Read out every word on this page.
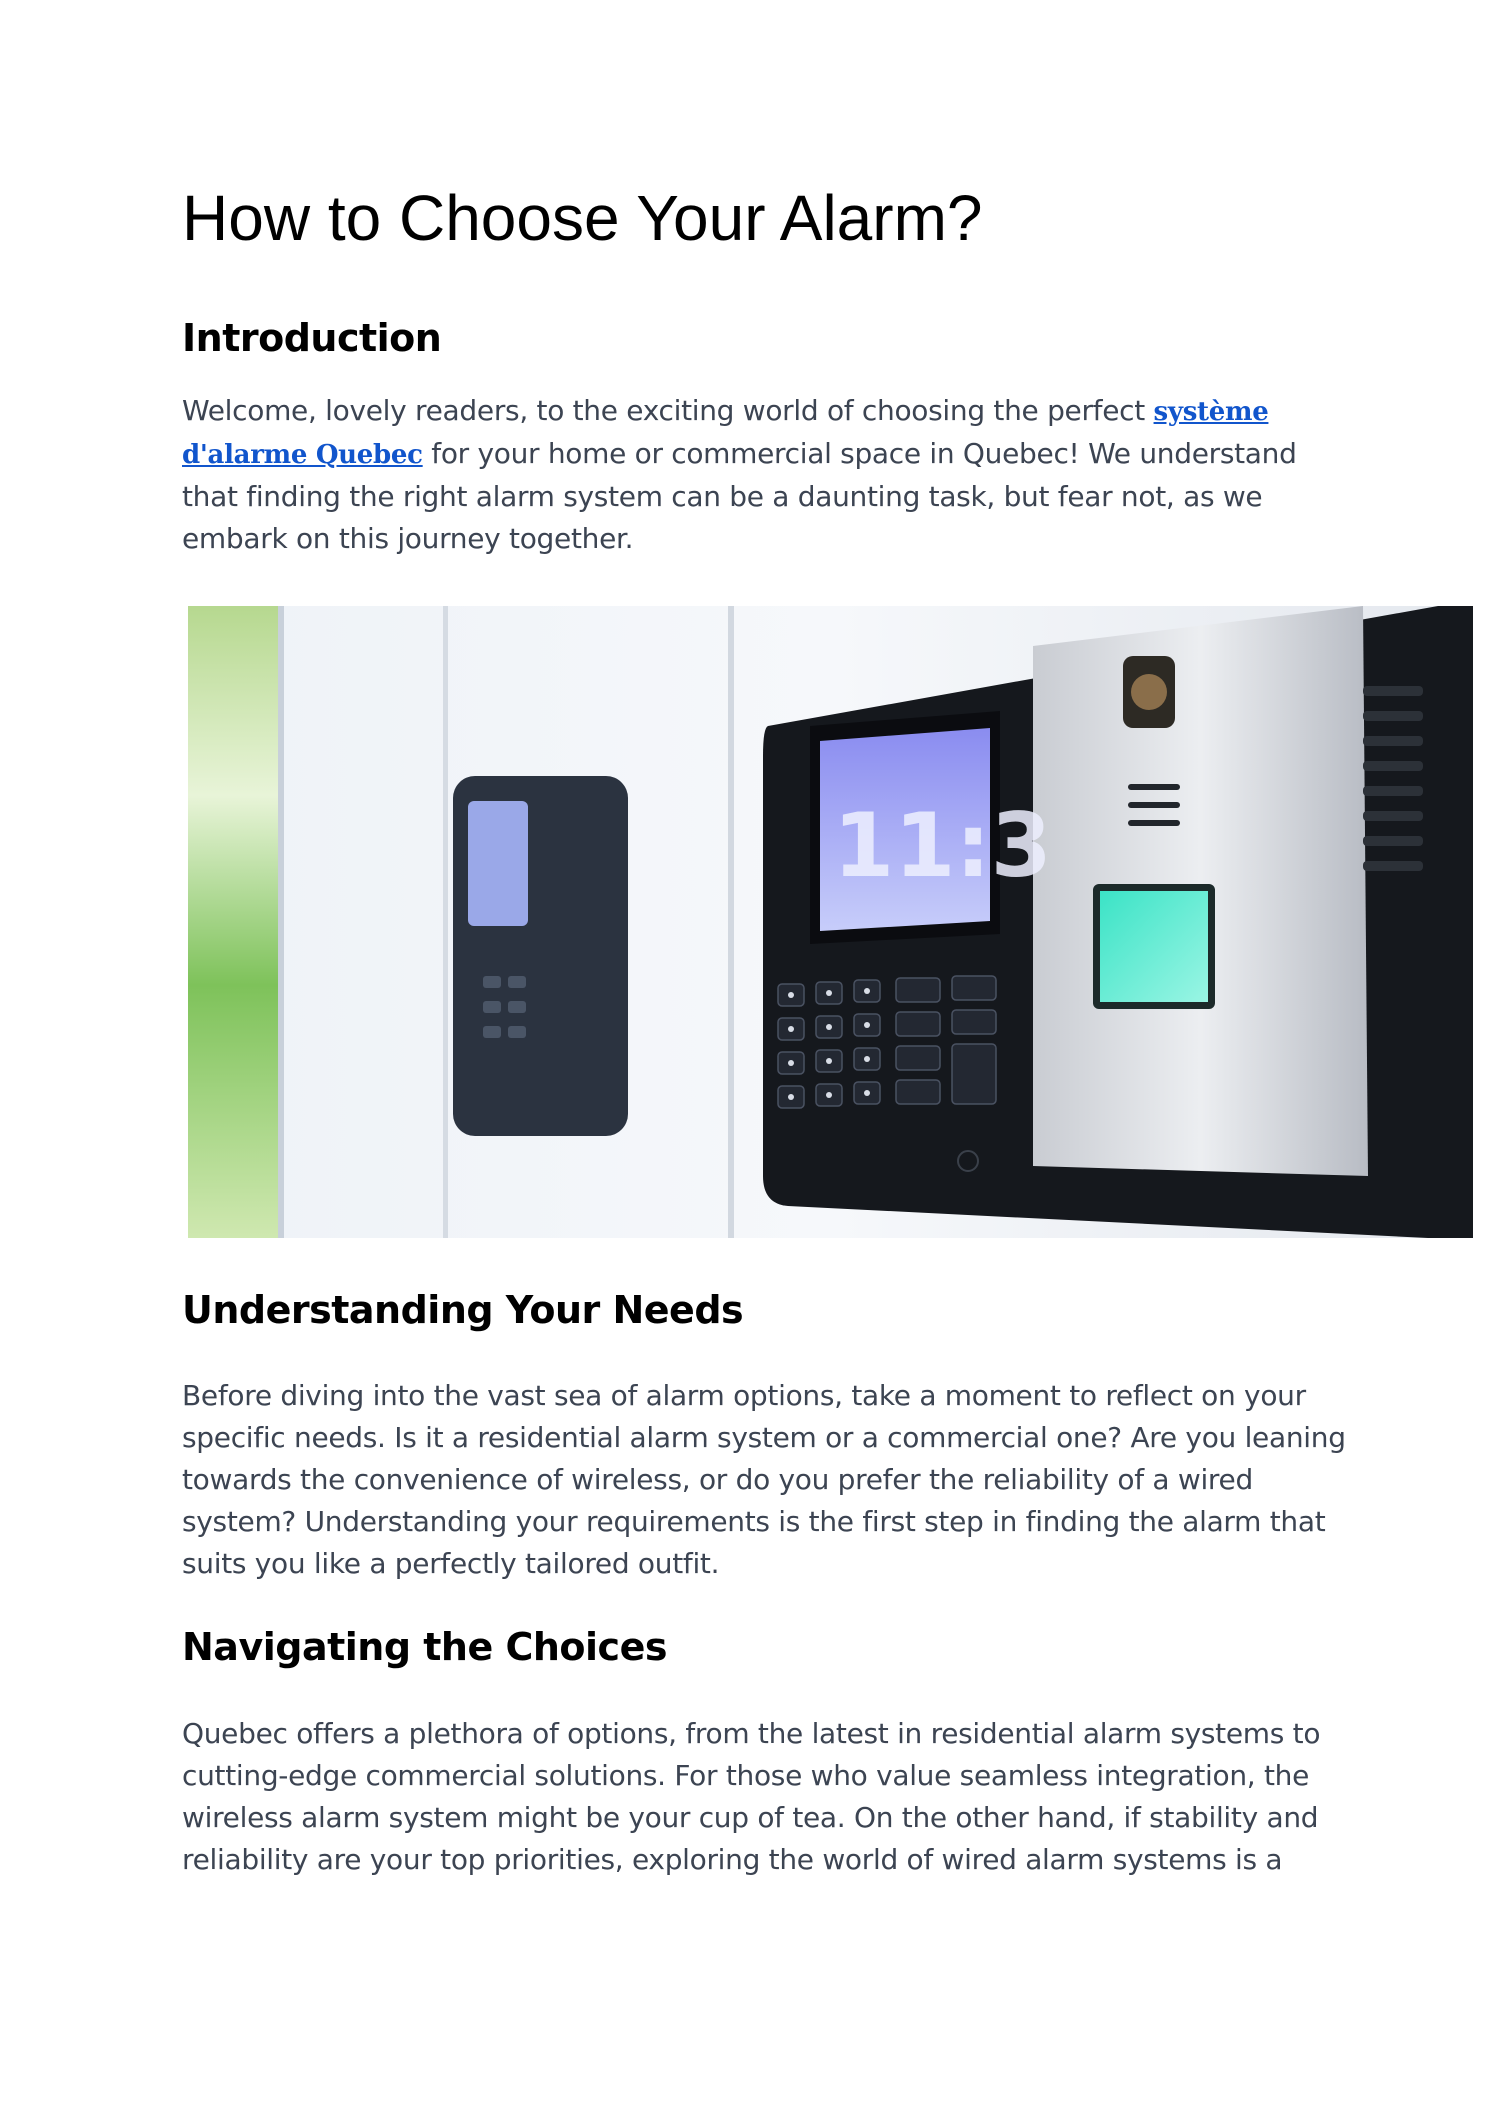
How to Choose Your Alarm?
Introduction

Welcome, lovely readers, to the exciting world of choosing the perfect système d'alarme Quebec for your home or commercial space in Quebec! We understand that finding the right alarm system can be a daunting task, but fear not, as we embark on this journey together.

11:3
Understanding Your Needs

Before diving into the vast sea of alarm options, take a moment to reflect on your specific needs. Is it a residential alarm system or a commercial one? Are you leaning towards the convenience of wireless, or do you prefer the reliability of a wired system? Understanding your requirements is the first step in finding the alarm that suits you like a perfectly tailored outfit.

Navigating the Choices

Quebec offers a plethora of options, from the latest in residential alarm systems to cutting-edge commercial solutions. For those who value seamless integration, the wireless alarm system might be your cup of tea. On the other hand, if stability and reliability are your top priorities, exploring the world of wired alarm systems is a
